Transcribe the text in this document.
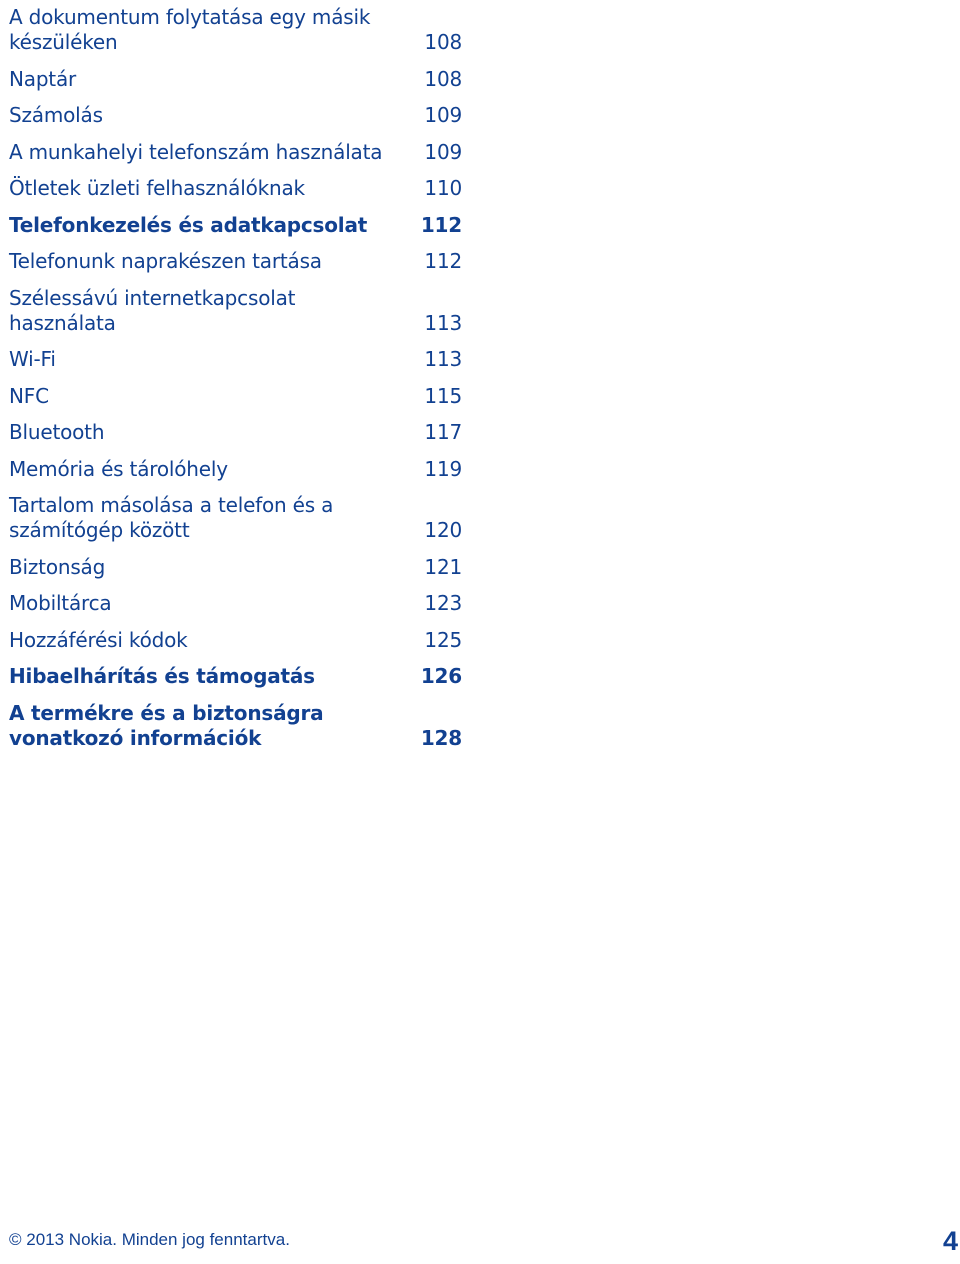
A dokumentum folytatása egy másik készüléken	108
Naptár	108
Számolás	109
A munkahelyi telefonszám használata	109
Ötletek üzleti felhasználóknak	110
Telefonkezelés és adatkapcsolat	112
Telefonunk naprakészen tartása	112
Szélessávú internetkapcsolat használata	113
Wi-Fi	113
NFC	115
Bluetooth	117
Memória és tárolóhely	119
Tartalom másolása a telefon és a számítógép között	120
Biztonság	121
Mobiltárca	123
Hozzáférési kódok	125
Hibaelhárítás és támogatás	126
A termékre és a biztonságra vonatkozó információk	128
© 2013 Nokia. Minden jog fenntartva.	4
